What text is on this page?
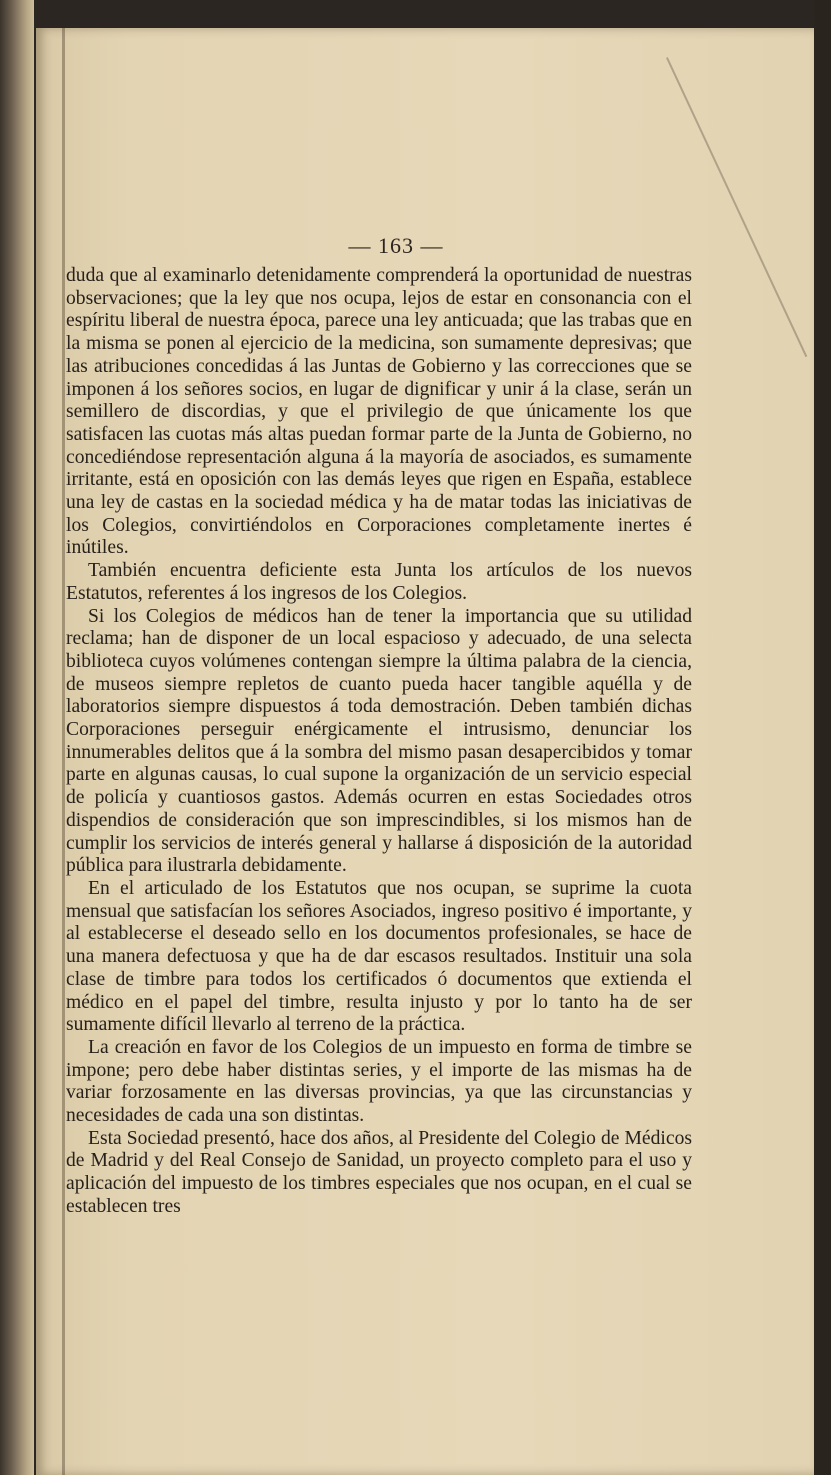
— 163 —

duda que al examinarlo detenidamente comprenderá la oportunidad de nuestras observaciones; que la ley que nos ocupa, lejos de estar en consonancia con el espíritu liberal de nuestra época, parece una ley anticuada; que las trabas que en la misma se ponen al ejercicio de la medicina, son sumamente depresivas; que las atribuciones concedidas á las Juntas de Gobierno y las correcciones que se imponen á los señores socios, en lugar de dignificar y unir á la clase, serán un semillero de discordias, y que el privilegio de que únicamente los que satisfacen las cuotas más altas puedan formar parte de la Junta de Gobierno, no concediéndose representación alguna á la mayoría de asociados, es sumamente irritante, está en oposición con las demás leyes que rigen en España, establece una ley de castas en la sociedad médica y ha de matar todas las iniciativas de los Colegios, convirtiéndolos en Corporaciones completamente inertes é inútiles.

También encuentra deficiente esta Junta los artículos de los nuevos Estatutos, referentes á los ingresos de los Colegios.

Si los Colegios de médicos han de tener la importancia que su utilidad reclama; han de disponer de un local espacioso y adecuado, de una selecta biblioteca cuyos volúmenes contengan siempre la última palabra de la ciencia, de museos siempre repletos de cuanto pueda hacer tangible aquélla y de laboratorios siempre dispuestos á toda demostración. Deben también dichas Corporaciones perseguir enérgicamente el intrusismo, denunciar los innumerables delitos que á la sombra del mismo pasan desapercibidos y tomar parte en algunas causas, lo cual supone la organización de un servicio especial de policía y cuantiosos gastos. Además ocurren en estas Sociedades otros dispendios de consideración que son imprescindibles, si los mismos han de cumplir los servicios de interés general y hallarse á disposición de la autoridad pública para ilustrarla debidamente.

En el articulado de los Estatutos que nos ocupan, se suprime la cuota mensual que satisfacían los señores Asociados, ingreso positivo é importante, y al establecerse el deseado sello en los documentos profesionales, se hace de una manera defectuosa y que ha de dar escasos resultados. Instituir una sola clase de timbre para todos los certificados ó documentos que extienda el médico en el papel del timbre, resulta injusto y por lo tanto ha de ser sumamente difícil llevarlo al terreno de la práctica.

La creación en favor de los Colegios de un impuesto en forma de timbre se impone; pero debe haber distintas series, y el importe de las mismas ha de variar forzosamente en las diversas provincias, ya que las circunstancias y necesidades de cada una son distintas.

Esta Sociedad presentó, hace dos años, al Presidente del Colegio de Médicos de Madrid y del Real Consejo de Sanidad, un proyecto completo para el uso y aplicación del impuesto de los timbres especiales que nos ocupan, en el cual se establecen tres
